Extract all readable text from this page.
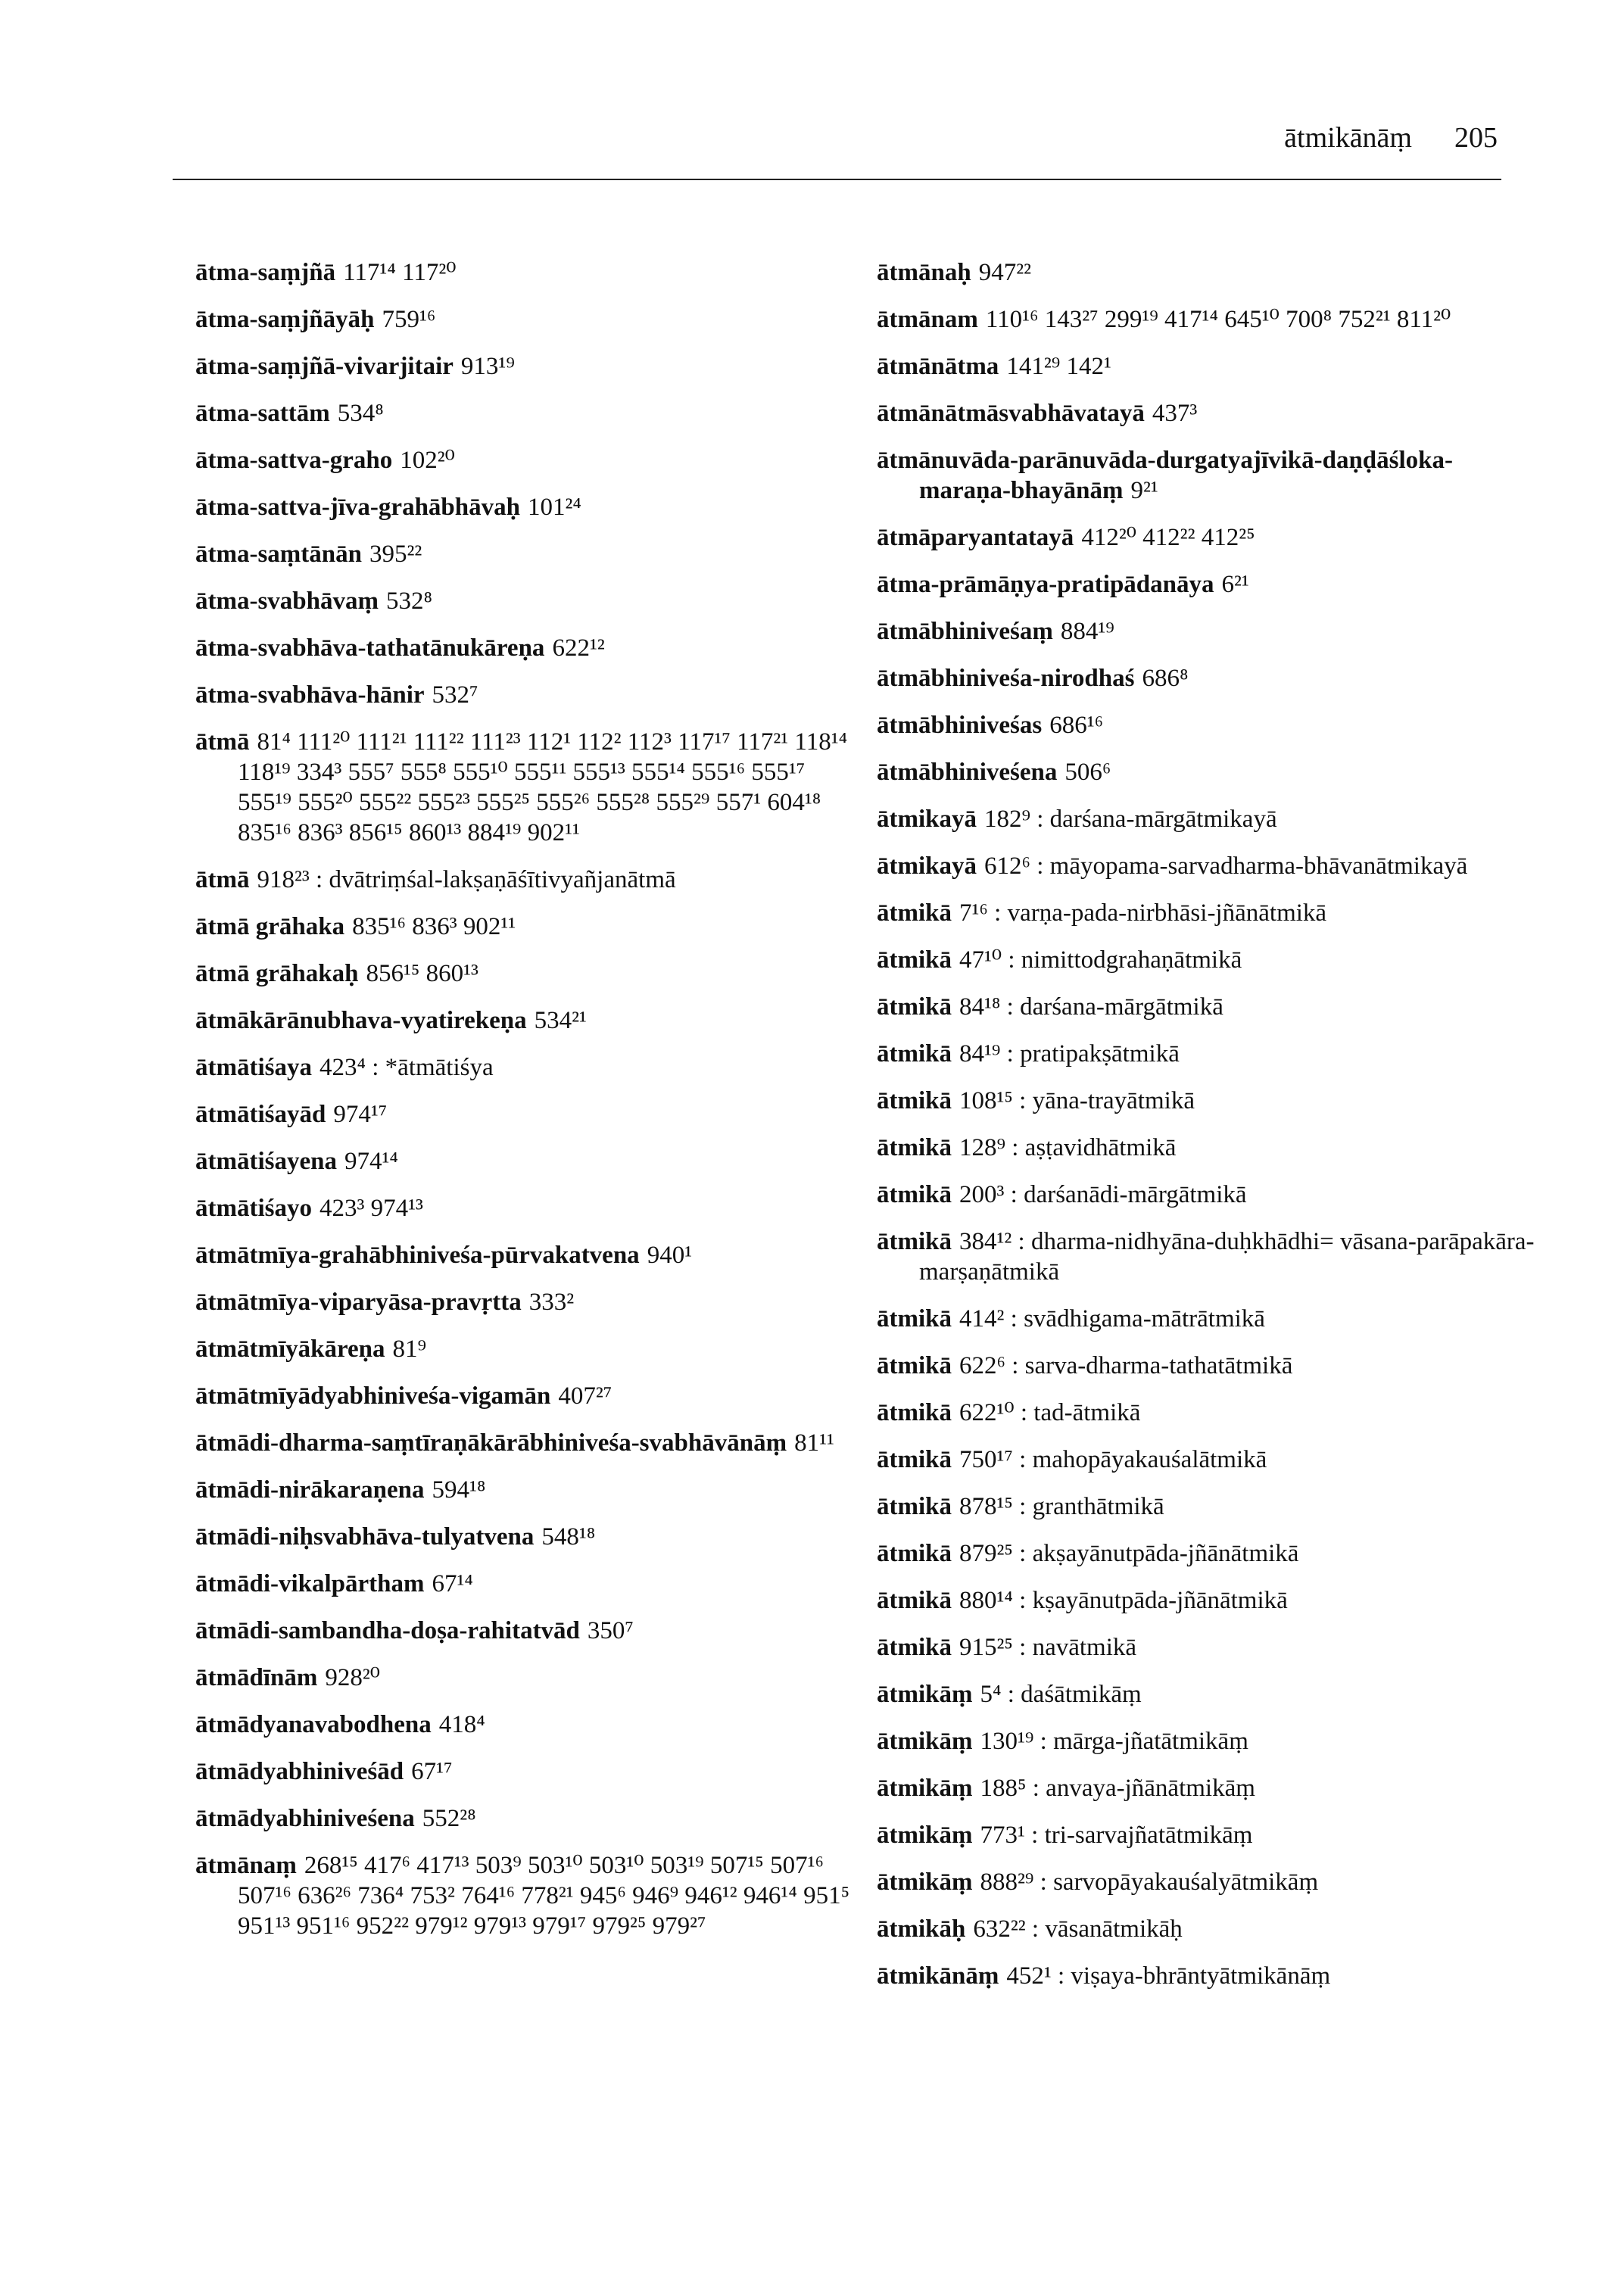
ātmikānāṃ 205
ātma-saṃjñā 117¹⁴ 117²⁰
ātma-saṃjñāyāḥ 759¹⁶
ātma-saṃjñā-vivarjitair 913¹⁹
ātma-sattām 534⁸
ātma-sattva-graho 102²⁰
ātma-sattva-jīva-grahābhāvaḥ 101²⁴
ātma-saṃtānān 395²²
ātma-svabhāvaṃ 532⁸
ātma-svabhāva-tathatānukāreṇa 622¹²
ātma-svabhāva-hānir 532⁷
ātmā 81⁴ 111²⁰ 111²¹ 111²² 111²³ 112¹ 112² 112³ 117¹⁷ 117²¹ 118¹⁴ 118¹⁹ 334³ 555⁷ 555⁸ 555¹⁰ 555¹¹ 555¹³ 555¹⁴ 555¹⁶ 555¹⁷ 555¹⁹ 555²⁰ 555²² 555²³ 555²⁵ 555²⁶ 555²⁸ 555²⁹ 557¹ 604¹⁸ 835¹⁶ 836³ 856¹⁵ 860¹³ 884¹⁹ 902¹¹
ātmā 918²³ : dvātriṃśal-lakṣaṇāśītivyañjanātmā
ātmā grāhaka 835¹⁶ 836³ 902¹¹
ātmā grāhakaḥ 856¹⁵ 860¹³
ātmākārānubhava-vyatirekeṇa 534²¹
ātmātiśaya 423⁴ : *ātmātiśya
ātmātiśayād 974¹⁷
ātmātiśayena 974¹⁴
ātmātiśayo 423³ 974¹³
ātmātmīya-grahābhiniveśa-pūrvakatvena 940¹
ātmātmīya-viparyāsa-pravṛtta 333²
ātmātmīyākāreṇa 81⁹
ātmātmīyādyabhiniveśa-vigamān 407²⁷
ātmādi-dharma-saṃtīraṇākārābhiniveśa-svabhāvānāṃ 81¹¹
ātmādi-nirākaraṇena 594¹⁸
ātmādi-niḥsvabhāva-tulyatvena 548¹⁸
ātmādi-vikalpārtham 67¹⁴
ātmādi-sambandha-doṣa-rahitatvād 350⁷
ātmādīnām 928²⁰
ātmādyanavabodhena 418⁴
ātmādyabhiniveśād 67¹⁷
ātmādyabhiniveśena 552²⁸
ātmānaṃ 268¹⁵ 417⁶ 417¹³ 503⁹ 503¹⁰ 503¹⁰ 503¹⁹ 507¹⁵ 507¹⁶ 507¹⁶ 636²⁶ 736⁴ 753² 764¹⁶ 778²¹ 945⁶ 946⁹ 946¹² 946¹⁴ 951⁵ 951¹³ 951¹⁶ 952²² 979¹² 979¹³ 979¹⁷ 979²⁵ 979²⁷
ātmānaḥ 947²²
ātmānam 110¹⁶ 143²⁷ 299¹⁹ 417¹⁴ 645¹⁰ 700⁸ 752²¹ 811²⁰
ātmānātma 141²⁹ 142¹
ātmānātmāsvabhāvatayā 437³
ātmānuvāda-parānuvāda-durgatyajīvikā-daṇḍāśloka-maraṇa-bhayānāṃ 9²¹
ātmāparyantatayā 412²⁰ 412²² 412²⁵
ātma-prāmāṇya-pratipādanāya 6²¹
ātmābhiniveśaṃ 884¹⁹
ātmābhiniveśa-nirodhaś 686⁸
ātmābhiniveśas 686¹⁶
ātmābhiniveśena 506⁶
ātmikayā 182⁹ : darśana-mārgātmikayā
ātmikayā 612⁶ : māyopama-sarvadharma-bhāvanātmikayā
ātmikā 7¹⁶ : varṇa-pada-nirbhāsi-jñānātmikā
ātmikā 47¹⁰ : nimittodgrahaṇātmikā
ātmikā 84¹⁸ : darśana-mārgātmikā
ātmikā 84¹⁹ : pratipakṣātmikā
ātmikā 108¹⁵ : yāna-trayātmikā
ātmikā 128⁹ : aṣṭavidhātmikā
ātmikā 200³ : darśanādi-mārgātmikā
ātmikā 384¹² : dharma-nidhyāna-duḥkhādhi= vāsana-parāpakāra-marṣaṇātmikā
ātmikā 414² : svādhigama-mātrātmikā
ātmikā 622⁶ : sarva-dharma-tathatātmikā
ātmikā 622¹⁰ : tad-ātmikā
ātmikā 750¹⁷ : mahopāyakauśalātmikā
ātmikā 878¹⁵ : granthātmikā
ātmikā 879²⁵ : akṣayānutpāda-jñānātmikā
ātmikā 880¹⁴ : kṣayānutpāda-jñānātmikā
ātmikā 915²⁵ : navātmikā
ātmikāṃ 5⁴ : daśātmikāṃ
ātmikāṃ 130¹⁹ : mārga-jñatātmikāṃ
ātmikāṃ 188⁵ : anvaya-jñānātmikāṃ
ātmikāṃ 773¹ : tri-sarvajñatātmikāṃ
ātmikāṃ 888²⁹ : sarvopāyakauśalyātmikāṃ
ātmikāḥ 632²² : vāsanātmikāḥ
ātmikānāṃ 452¹ : viṣaya-bhrāntyātmikānāṃ
